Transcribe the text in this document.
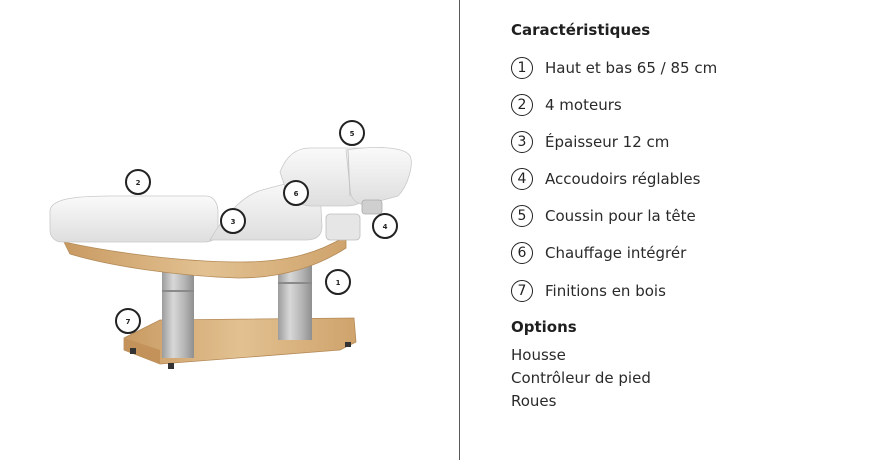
1
2
3
4
5
6
7
Caractéristiques
1	Haut et bas 65 / 85 cm
2	4 moteurs
3	Épaisseur 12 cm
4	Accoudoirs réglables
5	Coussin pour la tête
6	Chauffage intégrér
7	Finitions en bois
Options
Housse
Contrôleur de pied
Roues
